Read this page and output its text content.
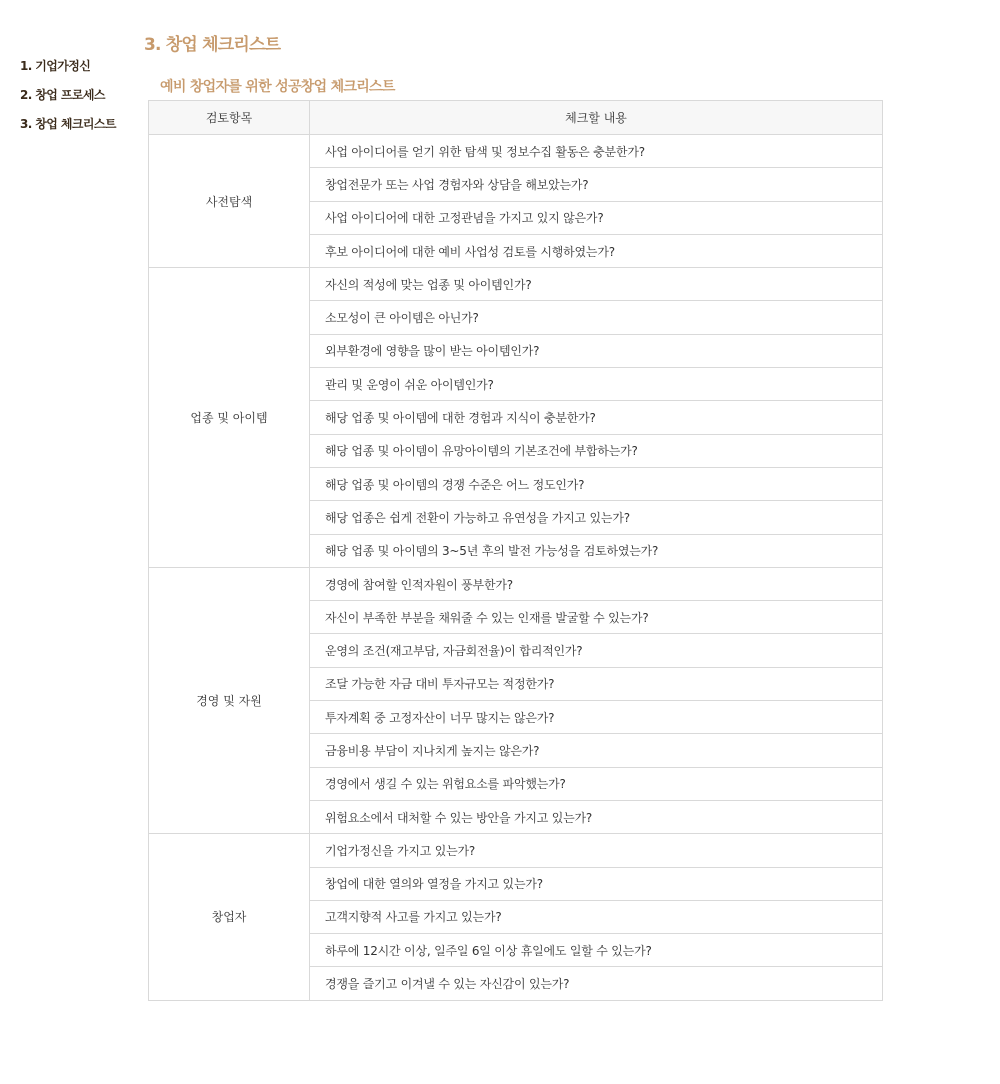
1. 기업가정신
2. 창업 프로세스
3. 창업 체크리스트
3. 창업 체크리스트
예비 창업자를 위한 성공창업 체크리스트
검토항목	체크할 내용
사전탐색	사업 아이디어를 얻기 위한 탐색 및 정보수집 활동은 충분한가?
	창업전문가 또는 사업 경험자와 상담을 해보았는가?
	사업 아이디어에 대한 고정관념을 가지고 있지 않은가?
	후보 아이디어에 대한 예비 사업성 검토를 시행하였는가?
업종 및 아이템	자신의 적성에 맞는 업종 및 아이템인가?
	소모성이 큰 아이템은 아닌가?
	외부환경에 영향을 많이 받는 아이템인가?
	관리 및 운영이 쉬운 아이템인가?
	해당 업종 및 아이템에 대한 경험과 지식이 충분한가?
	해당 업종 및 아이템이 유망아이템의 기본조건에 부합하는가?
	해당 업종 및 아이템의 경쟁 수준은 어느 정도인가?
	해당 업종은 쉽게 전환이 가능하고 유연성을 가지고 있는가?
	해당 업종 및 아이템의 3~5년 후의 발전 가능성을 검토하였는가?
경영 및 자원	경영에 참여할 인적자원이 풍부한가?
	자신이 부족한 부분을 채워줄 수 있는 인재를 발굴할 수 있는가?
	운영의 조건(재고부담, 자금회전율)이 합리적인가?
	조달 가능한 자금 대비 투자규모는 적정한가?
	투자계획 중 고정자산이 너무 많지는 않은가?
	금융비용 부담이 지나치게 높지는 않은가?
	경영에서 생길 수 있는 위험요소를 파악했는가?
	위험요소에서 대처할 수 있는 방안을 가지고 있는가?
창업자	기업가정신을 가지고 있는가?
	창업에 대한 열의와 열정을 가지고 있는가?
	고객지향적 사고를 가지고 있는가?
	하루에 12시간 이상, 일주일 6일 이상 휴일에도 일할 수 있는가?
	경쟁을 즐기고 이겨낼 수 있는 자신감이 있는가?
